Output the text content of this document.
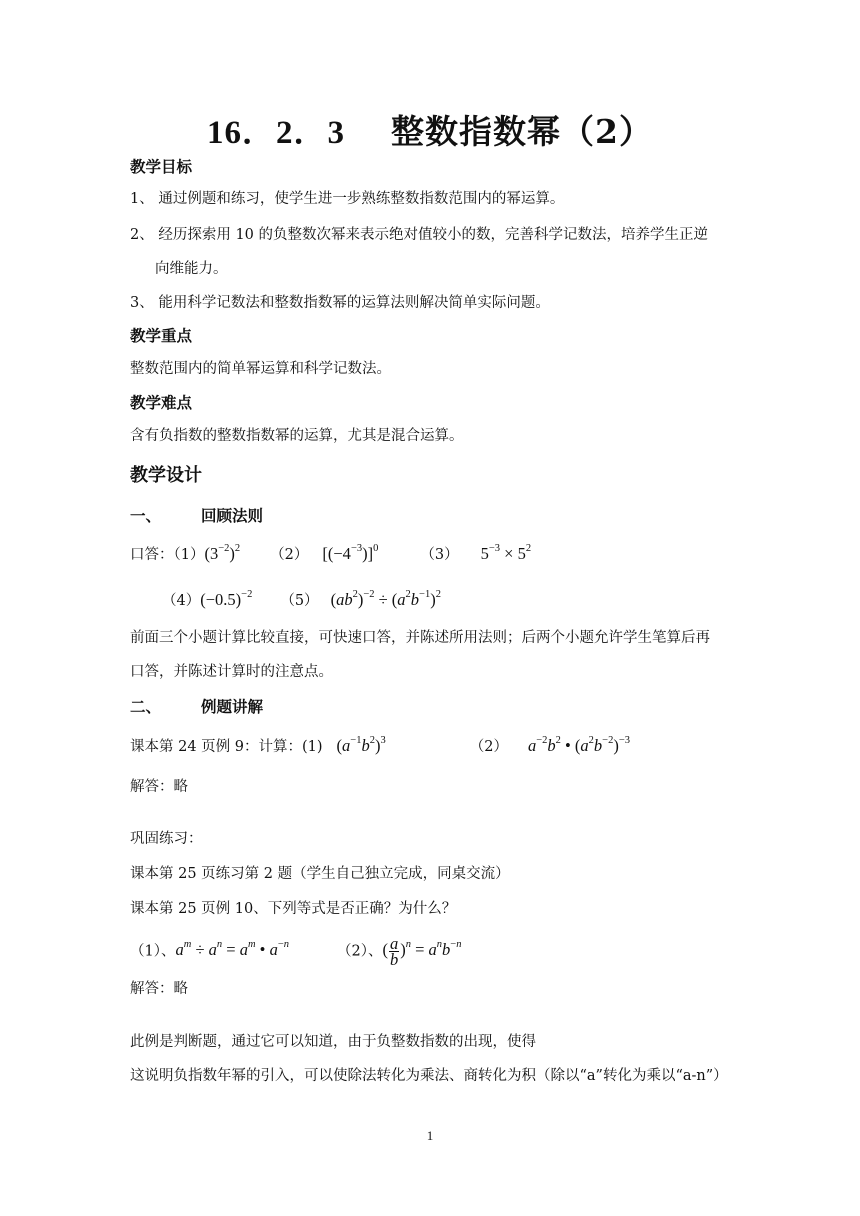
16．2．3 整数指数幂（2）
教学目标
1、 通过例题和练习，使学生进一步熟练整数指数范围内的幂运算。
2、 经历探索用 10 的负整数次幂来表示绝对值较小的数，完善科学记数法，培养学生正逆
向维能力。
3、 能用科学记数法和整数指数幂的运算法则解决简单实际问题。
教学重点
整数范围内的简单幂运算和科学记数法。
教学难点
含有负指数的整数指数幂的运算，尤其是混合运算。
教学设计
一、	回顾法则
口答：$(1)(3^{-2})^2$ （2） $[(-4^{-3})]^0$	（3） $5^{-3} \times 5^2$
$(4)(-0.5)^{-2}$ （5） $(ab^2)^{-2} \div (a^2b^{-1})^2$
前面三个小题计算比较直接，可快速口答，并陈述所用法则；后两个小题允许学生笔算后再
口答，并陈述计算时的注意点。
二、	例题讲解
课本第 24 页例 9：计算：(1) $(a^{-1}b^2)^3$	（2） $a^{-2}b^2$ • $(a^2b^{-2})^{-3}$
解答：略
巩固练习：
课本第 25 页练习第 2 题（学生自己独立完成，同桌交流）
课本第 25 页例 10、下列等式是否正确？为什么？
（1）、$a^m \div a^n = a^m$ • $a^{-n}$	（2）、( $\frac{a}{b} )^n = a^nb^{-n}$
解答：略
此例是判断题，通过它可以知道，由于负整数指数的出现，使得
这说明负指数年幂的引入，可以使除法转化为乘法、商转化为积（除以“a”转化为乘以“a-n”）
1
